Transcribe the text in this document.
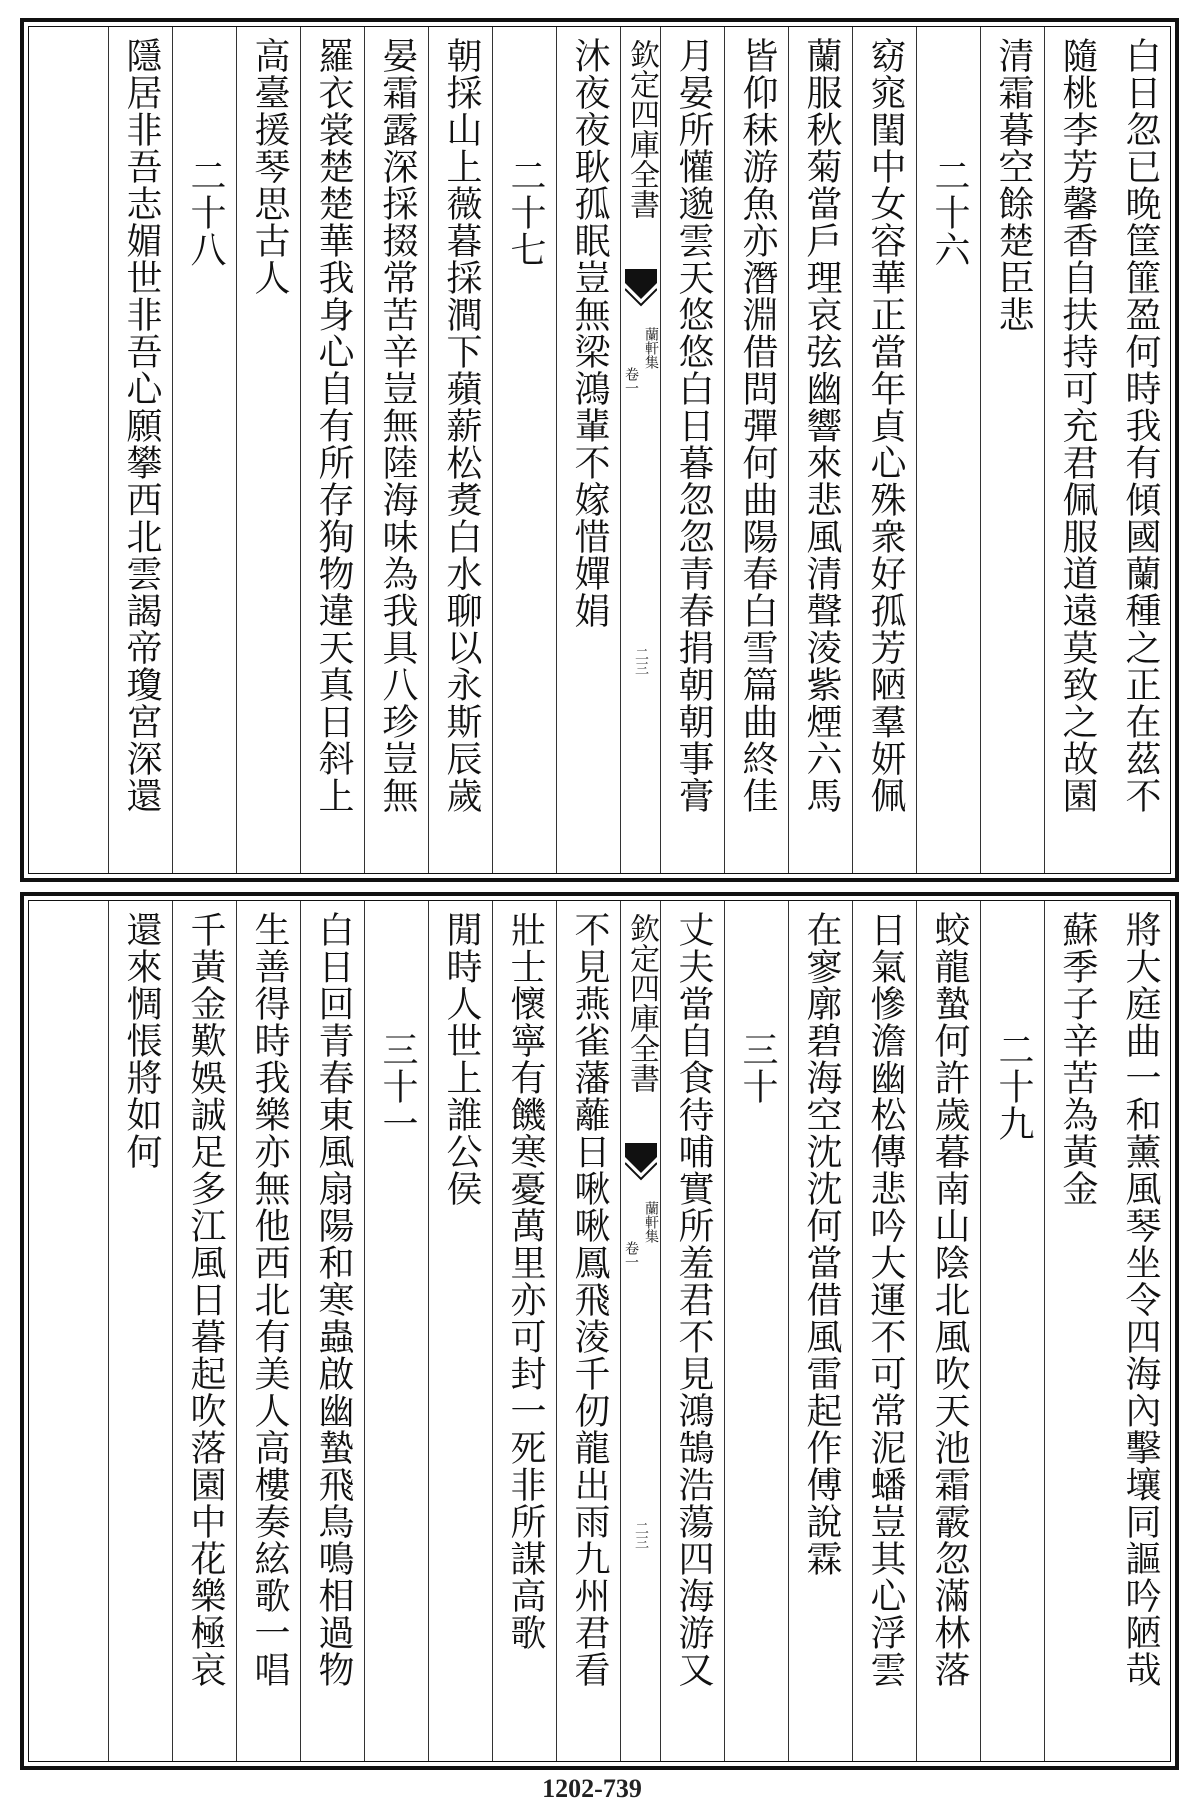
白日忽已晚筐篚盈何時我有傾國蘭種之正在茲不
隨桃李芳馨香自扶持可充君佩服道遠莫致之故園
清霜暮空餘楚臣悲
二十六
窈窕閨中女容華正當年貞心殊衆好孤芳陋羣妍佩
蘭服秋菊當戶理哀弦幽響來悲風清聲淩紫煙六馬
皆仰秣游魚亦潛淵借問彈何曲陽春白雪篇曲終佳
月晏所懽邈雲天悠悠白日暮忽忽青春捐朝朝事膏
欽定四庫全書
蘭軒集
卷一
二三
沐夜夜耿孤眠豈無梁鴻輩不嫁惜嬋娟
二十七
朝採山上薇暮採澗下蘋薪松煑白水聊以永斯辰歲
晏霜露深採掇常苦辛豈無陸海味為我具八珍豈無
羅衣裳楚楚華我身心自有所存狥物違天真日斜上
高臺援琴思古人
二十八
隱居非吾志媚世非吾心願攀西北雲謁帝瓊宮深還
將大庭曲一和薰風琴坐令四海內擊壤同謳吟陋哉
蘇季子辛苦為黃金
二十九
蛟龍蟄何許歲暮南山陰北風吹天池霜霰忽滿林落
日氣慘澹幽松傳悲吟大運不可常泥蟠豈其心浮雲
在寥廓碧海空沈沈何當借風雷起作傅說霖
三十
丈夫當自食待哺實所羞君不見鴻鵠浩蕩四海游又
欽定四庫全書
蘭軒集
卷一
二三
不見燕雀藩蘺日啾啾鳳飛淩千仞龍出雨九州君看
壯士懷寧有饑寒憂萬里亦可封一死非所謀高歌
閒時人世上誰公侯
三十一
白日回青春東風扇陽和寒蟲啟幽蟄飛鳥鳴相過物
生善得時我樂亦無他西北有美人高樓奏絃歌一唱
千黃金歎娛誠足多江風日暮起吹落園中花樂極哀
還來惆悵將如何
1202-739
